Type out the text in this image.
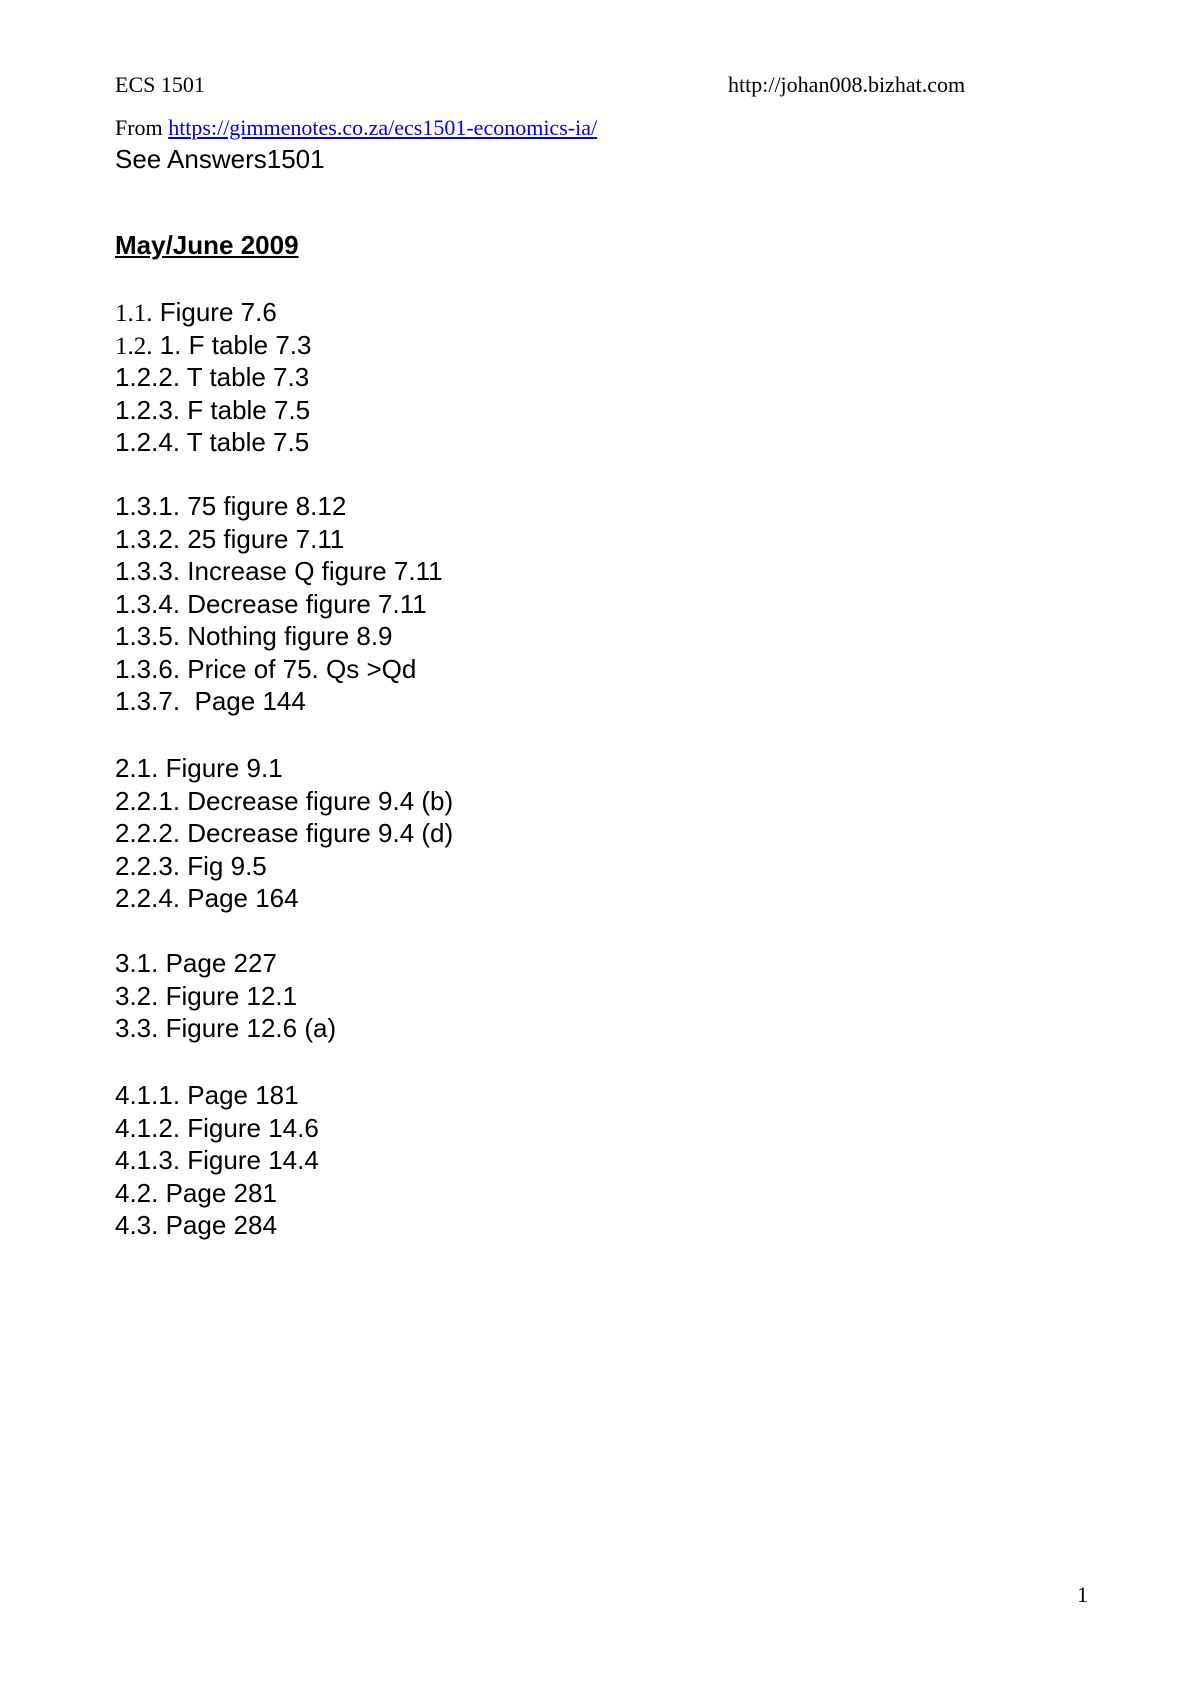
ECS 1501	http://johan008.bizhat.com
From https://gimmenotes.co.za/ecs1501-economics-ia/
See Answers1501
May/June 2009
1.1. Figure 7.6
1.2. 1. F table 7.3
1.2.2. T table 7.3
1.2.3. F table 7.5
1.2.4. T table 7.5
1.3.1. 75 figure 8.12
1.3.2. 25 figure 7.11
1.3.3. Increase Q figure 7.11
1.3.4. Decrease figure 7.11
1.3.5. Nothing figure 8.9
1.3.6. Price of 75. Qs >Qd
1.3.7.  Page 144
2.1. Figure 9.1
2.2.1. Decrease figure 9.4 (b)
2.2.2. Decrease figure 9.4 (d)
2.2.3. Fig 9.5
2.2.4. Page 164
3.1. Page 227
3.2. Figure 12.1
3.3. Figure 12.6 (a)
4.1.1. Page 181
4.1.2. Figure 14.6
4.1.3. Figure 14.4
4.2. Page 281
4.3. Page 284
1
